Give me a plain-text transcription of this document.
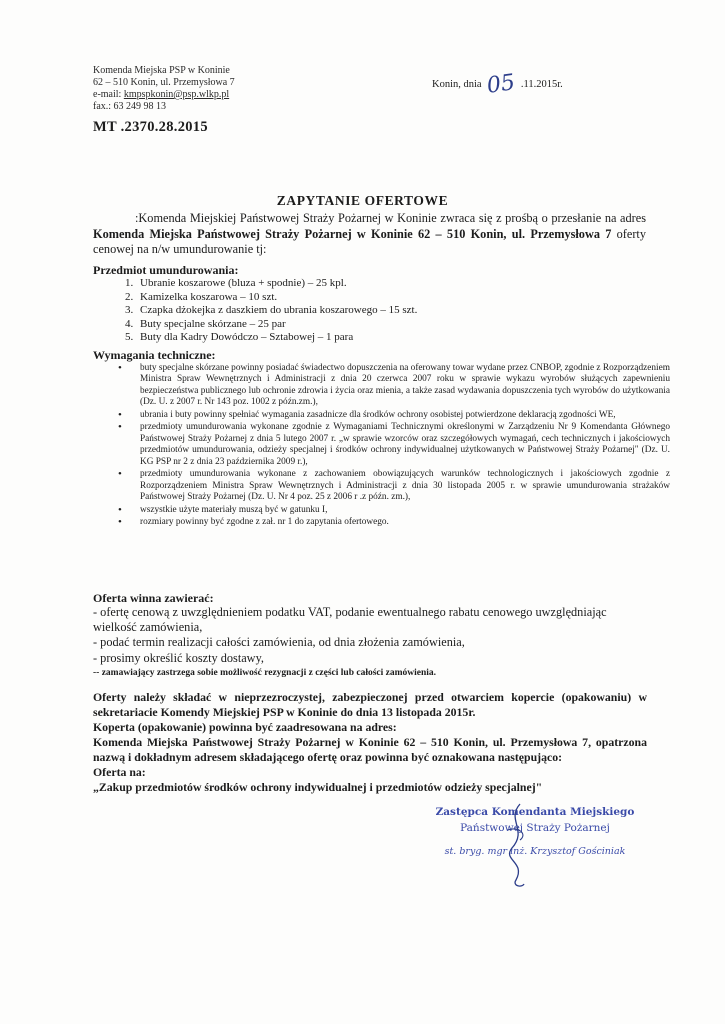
Komenda Miejska PSP w Koninie
62 – 510 Konin, ul. Przemysłowa 7
e-mail: kmpspkonin@psp.wlkp.pl
fax.: 63 249 98 13
Konin, dnia 05 .11.2015r.
MT .2370.28.2015
ZAPYTANIE OFERTOWE
:Komenda Miejskiej Państwowej Straży Pożarnej w Koninie zwraca się z prośbą o przesłanie na adres Komenda Miejska Państwowej Straży Pożarnej w Koninie 62 – 510 Konin, ul. Przemysłowa 7 oferty cenowej na n/w umundurowanie tj:
Przedmiot umundurowania:
1. Ubranie koszarowe (bluza + spodnie) – 25 kpl.
2. Kamizelka koszarowa – 10 szt.
3. Czapka dżokejka z daszkiem do ubrania koszarowego – 15 szt.
4. Buty specjalne skórzane – 25 par
5. Buty dla Kadry Dowódczo – Sztabowej – 1 para
Wymagania techniczne:
• buty specjalne skórzane powinny posiadać świadectwo dopuszczenia na oferowany towar wydane przez CNBOP, zgodnie z Rozporządzeniem Ministra Spraw Wewnętrznych i Administracji z dnia 20 czerwca 2007 roku w sprawie wykazu wyrobów służących zapewnieniu bezpieczeństwa publicznego lub ochronie zdrowia i życia oraz mienia, a także zasad wydawania dopuszczenia tych wyrobów do użytkowania (Dz. U. z 2007 r. Nr 143 poz. 1002 z późn.zm.),
• ubrania i buty powinny spełniać wymagania zasadnicze dla środków ochrony osobistej potwierdzone deklaracją zgodności WE,
• przedmioty umundurowania wykonane zgodnie z Wymaganiami Technicznymi określonymi w Zarządzeniu Nr 9 Komendanta Głównego Państwowej Straży Pożarnej z dnia 5 lutego 2007 r. „w sprawie wzorców oraz szczegółowych wymagań, cech technicznych i jakościowych przedmiotów umundurowania, odzieży specjalnej i środków ochrony indywidualnej użytkowanych w Państwowej Straży Pożarnej" (Dz. U. KG PSP nr 2 z dnia 23 października 2009 r.),
• przedmioty umundurowania wykonane z zachowaniem obowiązujących warunków technologicznych i jakościowych zgodnie z Rozporządzeniem Ministra Spraw Wewnętrznych i Administracji z dnia 30 listopada 2005 r. w sprawie umundurowania strażaków Państwowej Straży Pożarnej (Dz. U. Nr 4 poz. 25 z 2006 r .z późn. zm.),
• wszystkie użyte materiały muszą być w gatunku I,
• rozmiary powinny być zgodne z zał. nr 1 do zapytania ofertowego.
Oferta winna zawierać:
- ofertę cenową z uwzględnieniem podatku VAT, podanie ewentualnego rabatu cenowego uwzględniając wielkość zamówienia,
- podać termin realizacji całości zamówienia, od dnia złożenia zamówienia,
- prosimy określić koszty dostawy,
-- zamawiający zastrzega sobie możliwość rezygnacji z części lub całości zamówienia.
Oferty należy składać w nieprzezroczystej, zabezpieczonej przed otwarciem kopercie (opakowaniu) w sekretariacie Komendy Miejskiej PSP w Koninie do dnia 13 listopada 2015r.
Koperta (opakowanie) powinna być zaadresowana na adres:
Komenda Miejska Państwowej Straży Pożarnej w Koninie 62 – 510 Konin, ul. Przemysłowa 7, opatrzona nazwą i dokładnym adresem składającego ofertę oraz powinna być oznakowana następująco:
Oferta na:
„Zakup przedmiotów środków ochrony indywidualnej i przedmiotów odzieży specjalnej"
Zastępca Komendanta Miejskiego
Państwowej Straży Pożarnej
st. bryg. mgr inż. Krzysztof Gościniak
